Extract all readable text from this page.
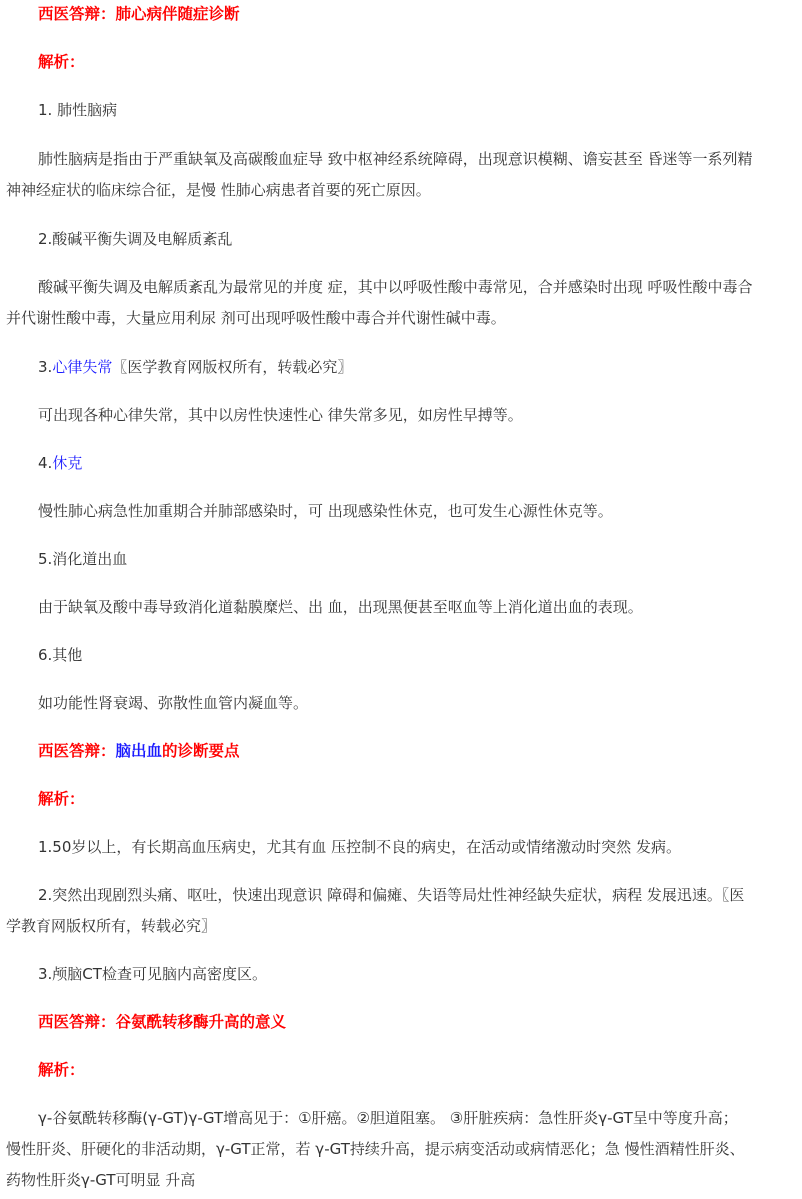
西医答辩：肺心病伴随症诊断
解析：
1. 肺性脑病
肺性脑病是指由于严重缺氧及高碳酸血症导 致中枢神经系统障碍，出现意识模糊、谵妄甚至 昏迷等一系列精
神神经症状的临床综合征，是慢 性肺心病患者首要的死亡原因。
2.酸碱平衡失调及电解质紊乱
酸碱平衡失调及电解质紊乱为最常见的并度 症，其中以呼吸性酸中毒常见，合并感染时出现 呼吸性酸中毒合
并代谢性酸中毒，大量应用利尿 剂可出现呼吸性酸中毒合并代谢性碱中毒。
3.心律失常〖医学教育网版权所有，转载必究〗
可出现各种心律失常，其中以房性快速性心 律失常多见，如房性早搏等。
4.休克
慢性肺心病急性加重期合并肺部感染时，可 出现感染性休克，也可发生心源性休克等。
5.消化道出血
由于缺氧及酸中毒导致消化道黏膜糜烂、出 血，出现黑便甚至呕血等上消化道出血的表现。
6.其他
如功能性肾衰竭、弥散性血管内凝血等。
西医答辩：脑出血的诊断要点
解析：
1.50岁以上，有长期高血压病史，尤其有血 压控制不良的病史，在活动或情绪激动时突然 发病。
2.突然出现剧烈头痛、呕吐，快速出现意识 障碍和偏瘫、失语等局灶性神经缺失症状，病程 发展迅速。〖医
学教育网版权所有，转载必究〗
3.颅脑CT检查可见脑内高密度区。
西医答辩：谷氨酰转移酶升高的意义
解析：
γ-谷氨酰转移酶(γ-GT)γ-GT增高见于：①肝癌。②胆道阻塞。 ③肝脏疾病：急性肝炎γ-GT呈中等度升高；
慢性肝炎、肝硬化的非活动期，γ-GT正常，若 γ-GT持续升高，提示病变活动或病情恶化；急 慢性酒精性肝炎、
药物性肝炎γ-GT可明显 升高
